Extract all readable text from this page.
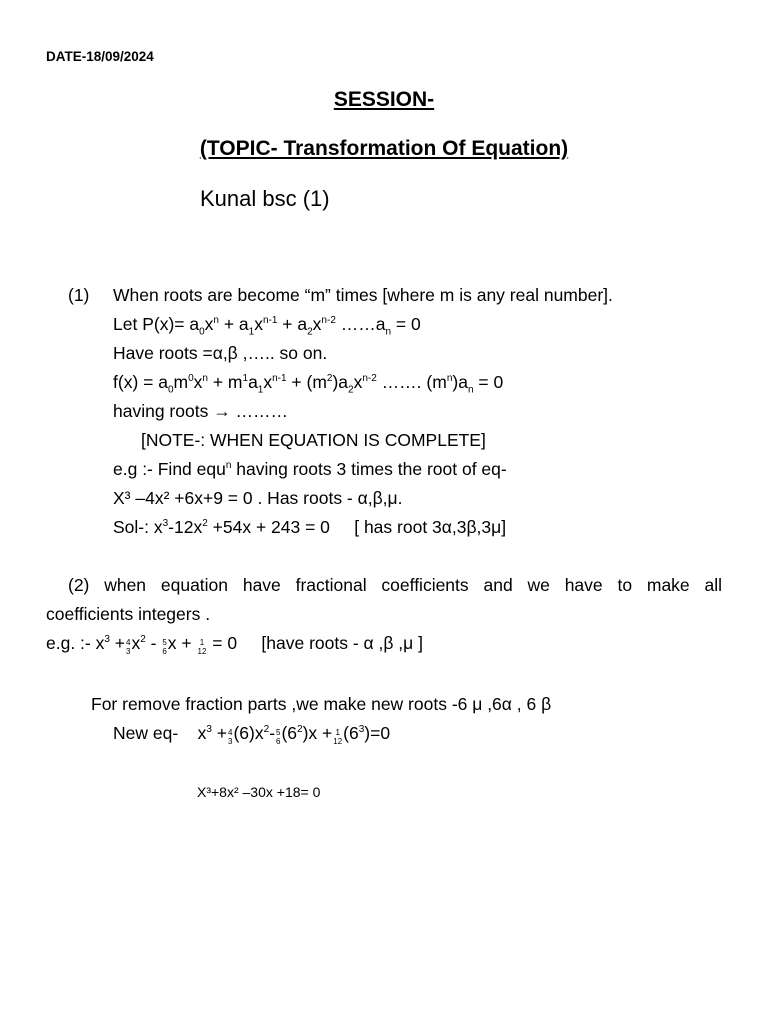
DATE-18/09/2024
SESSION-
(TOPIC- Transformation Of Equation)
Kunal bsc (1)
(1) When roots are become “m” times [where m is any real number].
Let $P(x)= a_0x^n + a_1x^{n-1} + a_2x^{n-2}$ $\dots\dots a_n = 0$
Have roots =α,β ,….. so on.
$f(x) = a_0m^0x^n + m^1a_1x^{n-1} + (m^2)a_2x^{n-2}$ ……. $(m^n)a_n = 0$
having roots → ………
[NOTE-: WHEN EQUATION IS COMPLETE]
e.g :- Find equ$^n$ having roots 3 times the root of eq-
X³ –4x² +6x+9 = 0 . Has roots - α,β,μ.
Sol-: $x^3-12x^2 +54x + 243 = 0$     [ has root 3α,3β,3μ]
(2) when equation have fractional coefficients and we have to make all
coefficients integers .
e.g. :- $x^3 + 4$
3 $x^2 - 5$
6 x + 1
12 = 0     [have roots - α ,β ,μ ]
For remove fraction parts ,we make new roots -6 μ ,6α , 6 β
New eq-    $x^3 + 4$
3 $(6)x^2-$ 5
6 $(6^2)x + 1$
12 $(6^3)=0$
X³+8x² –30x +18= 0
